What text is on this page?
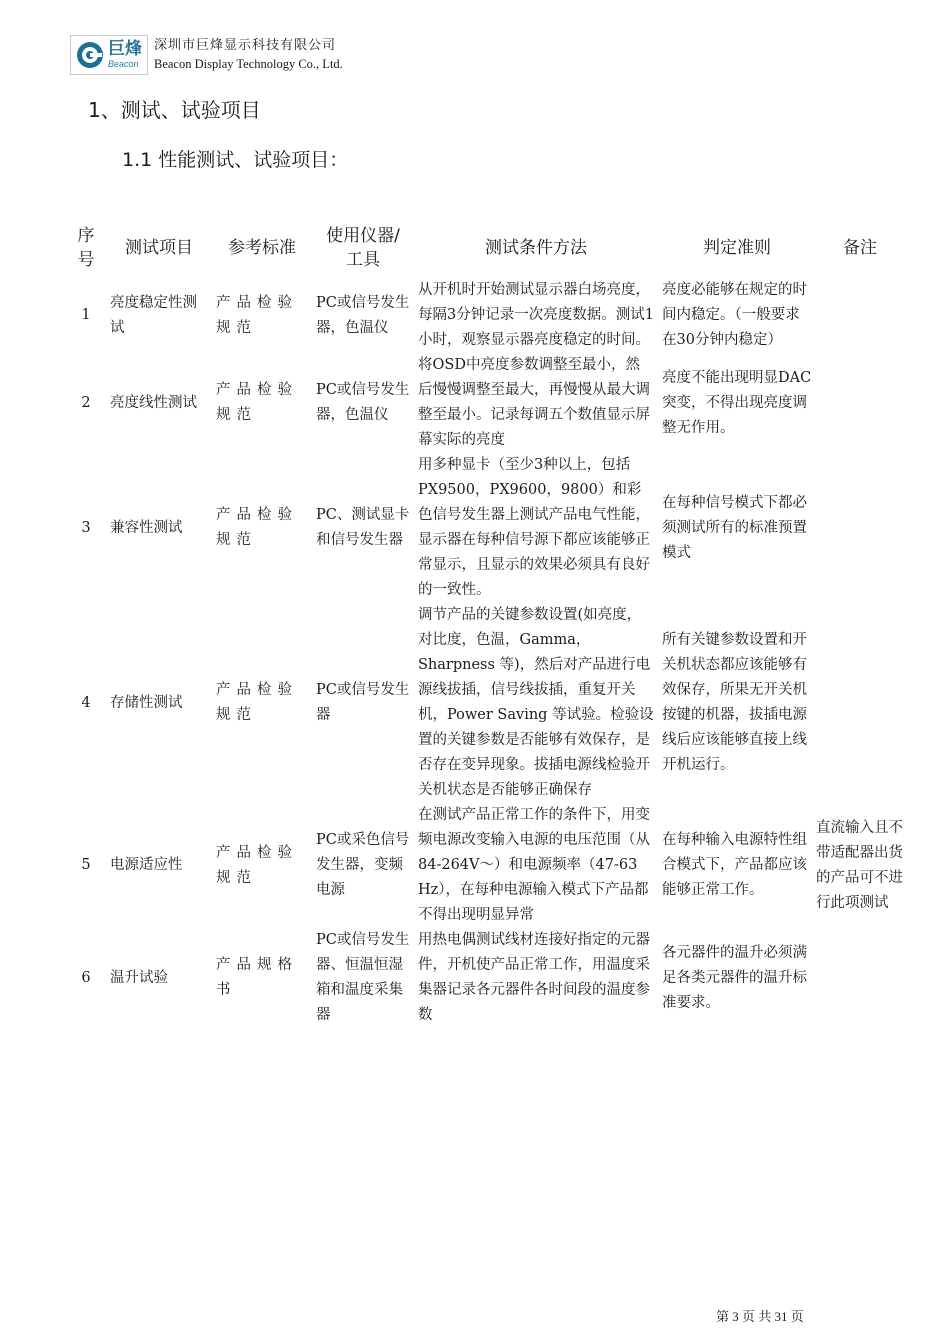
巨烽
Beacon
深圳市巨烽显示科技有限公司
Beacon Display Technology Co., Ltd.
1、测试、试验项目
1.1 性能测试、试验项目：
序号	测试项目	参考标准	使用仪器/工具	测试条件方法	判定准则	备注
1	亮度稳定性测试	产品检验规范	PC或信号发生器，色温仪	从开机时开始测试显示器白场亮度，每隔3分钟记录一次亮度数据。测试1小时，观察显示器亮度稳定的时间。	亮度必能够在规定的时间内稳定。（一般要求在30分钟内稳定）	
2	亮度线性测试	产品检验规范	PC或信号发生器，色温仪	将OSD中亮度参数调整至最小，然后慢慢调整至最大，再慢慢从最大调整至最小。记录每调五个数值显示屏幕实际的亮度	亮度不能出现明显DAC突变，不得出现亮度调整无作用。	
3	兼容性测试	产品检验规范	PC、测试显卡和信号发生器	用多种显卡（至少3种以上，包括PX9500，PX9600，9800）和彩色信号发生器上测试产品电气性能，显示器在每种信号源下都应该能够正常显示，且显示的效果必须具有良好的一致性。	在每种信号模式下都必须测试所有的标准预置模式	
4	存储性测试	产品检验规范	PC或信号发生器	调节产品的关键参数设置(如亮度，对比度，色温，Gamma，Sharpness 等)，然后对产品进行电源线拔插，信号线拔插，重复开关机，Power Saving 等试验。检验设置的关键参数是否能够有效保存，是否存在变异现象。拔插电源线检验开关机状态是否能够正确保存	所有关键参数设置和开关机状态都应该能够有效保存，所果无开关机按键的机器，拔插电源线后应该能够直接上线开机运行。	
5	电源适应性	产品检验规范	PC或采色信号发生器，变频电源	在测试产品正常工作的条件下，用变频电源改变输入电源的电压范围（从84-264V～）和电源频率（47-63 Hz），在每种电源输入模式下产品都不得出现明显异常	在每种输入电源特性组合模式下，产品都应该能够正常工作。	直流输入且不带适配器出货的产品可不进行此项测试
6	温升试验	产品规格书	PC或信号发生器、恒温恒湿箱和温度采集器	用热电偶测试线材连接好指定的元器件，开机使产品正常工作，用温度采集器记录各元器件各时间段的温度参数	各元器件的温升必须满足各类元器件的温升标准要求。	
第 3 页 共 31 页
